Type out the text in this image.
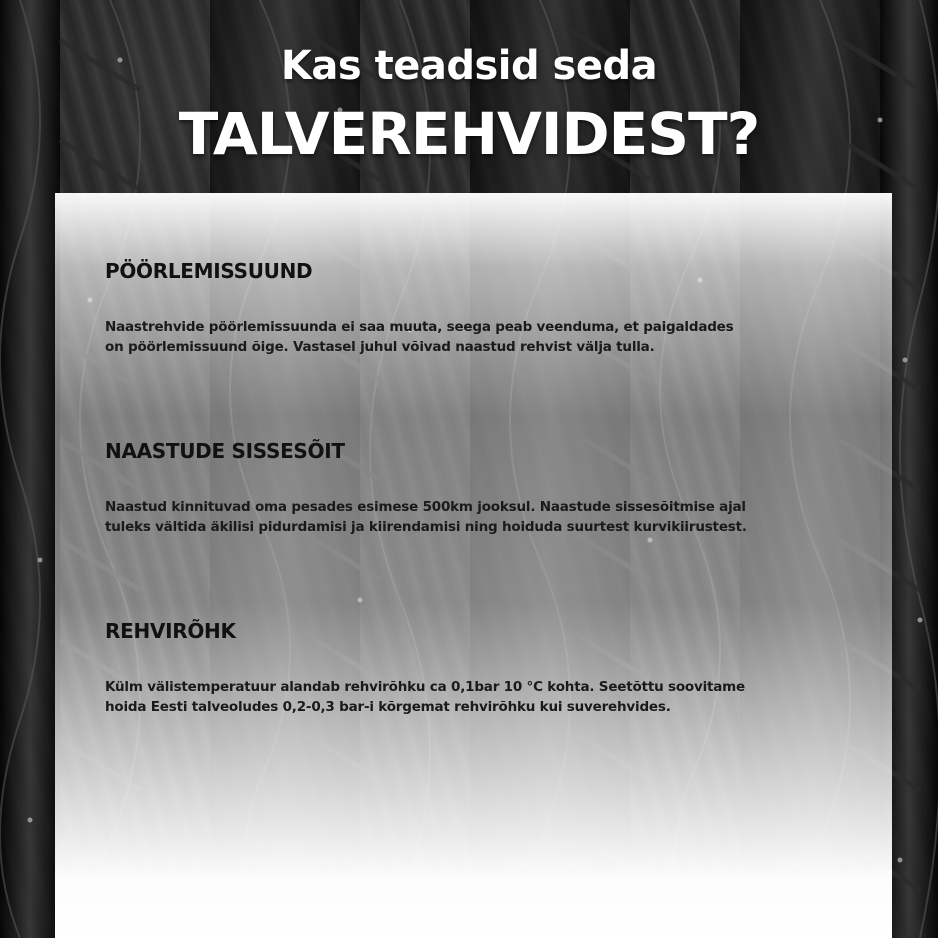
Kas teadsid seda
TALVEREHVIDEST?
PÖÖRLEMISSUUND

Naastrehvide pöörlemissuunda ei saa muuta, seega peab veenduma, et paigaldades on pöörlemissuund õige. Vastasel juhul võivad naastud rehvist välja tulla.

NAASTUDE SISSESÕIT

Naastud kinnituvad oma pesades esimese 500km jooksul. Naastude sissesõitmise ajal tuleks vältida äkilisi pidurdamisi ja kiirendamisi ning hoiduda suurtest kurvikiirustest.

REHVIRÕHK

Külm välistemperatuur alandab rehvirõhku ca 0,1bar 10 °C kohta. Seetõttu soovitame hoida Eesti talveoludes 0,2-0,3 bar-i kõrgemat rehvirõhku kui suverehvides.
